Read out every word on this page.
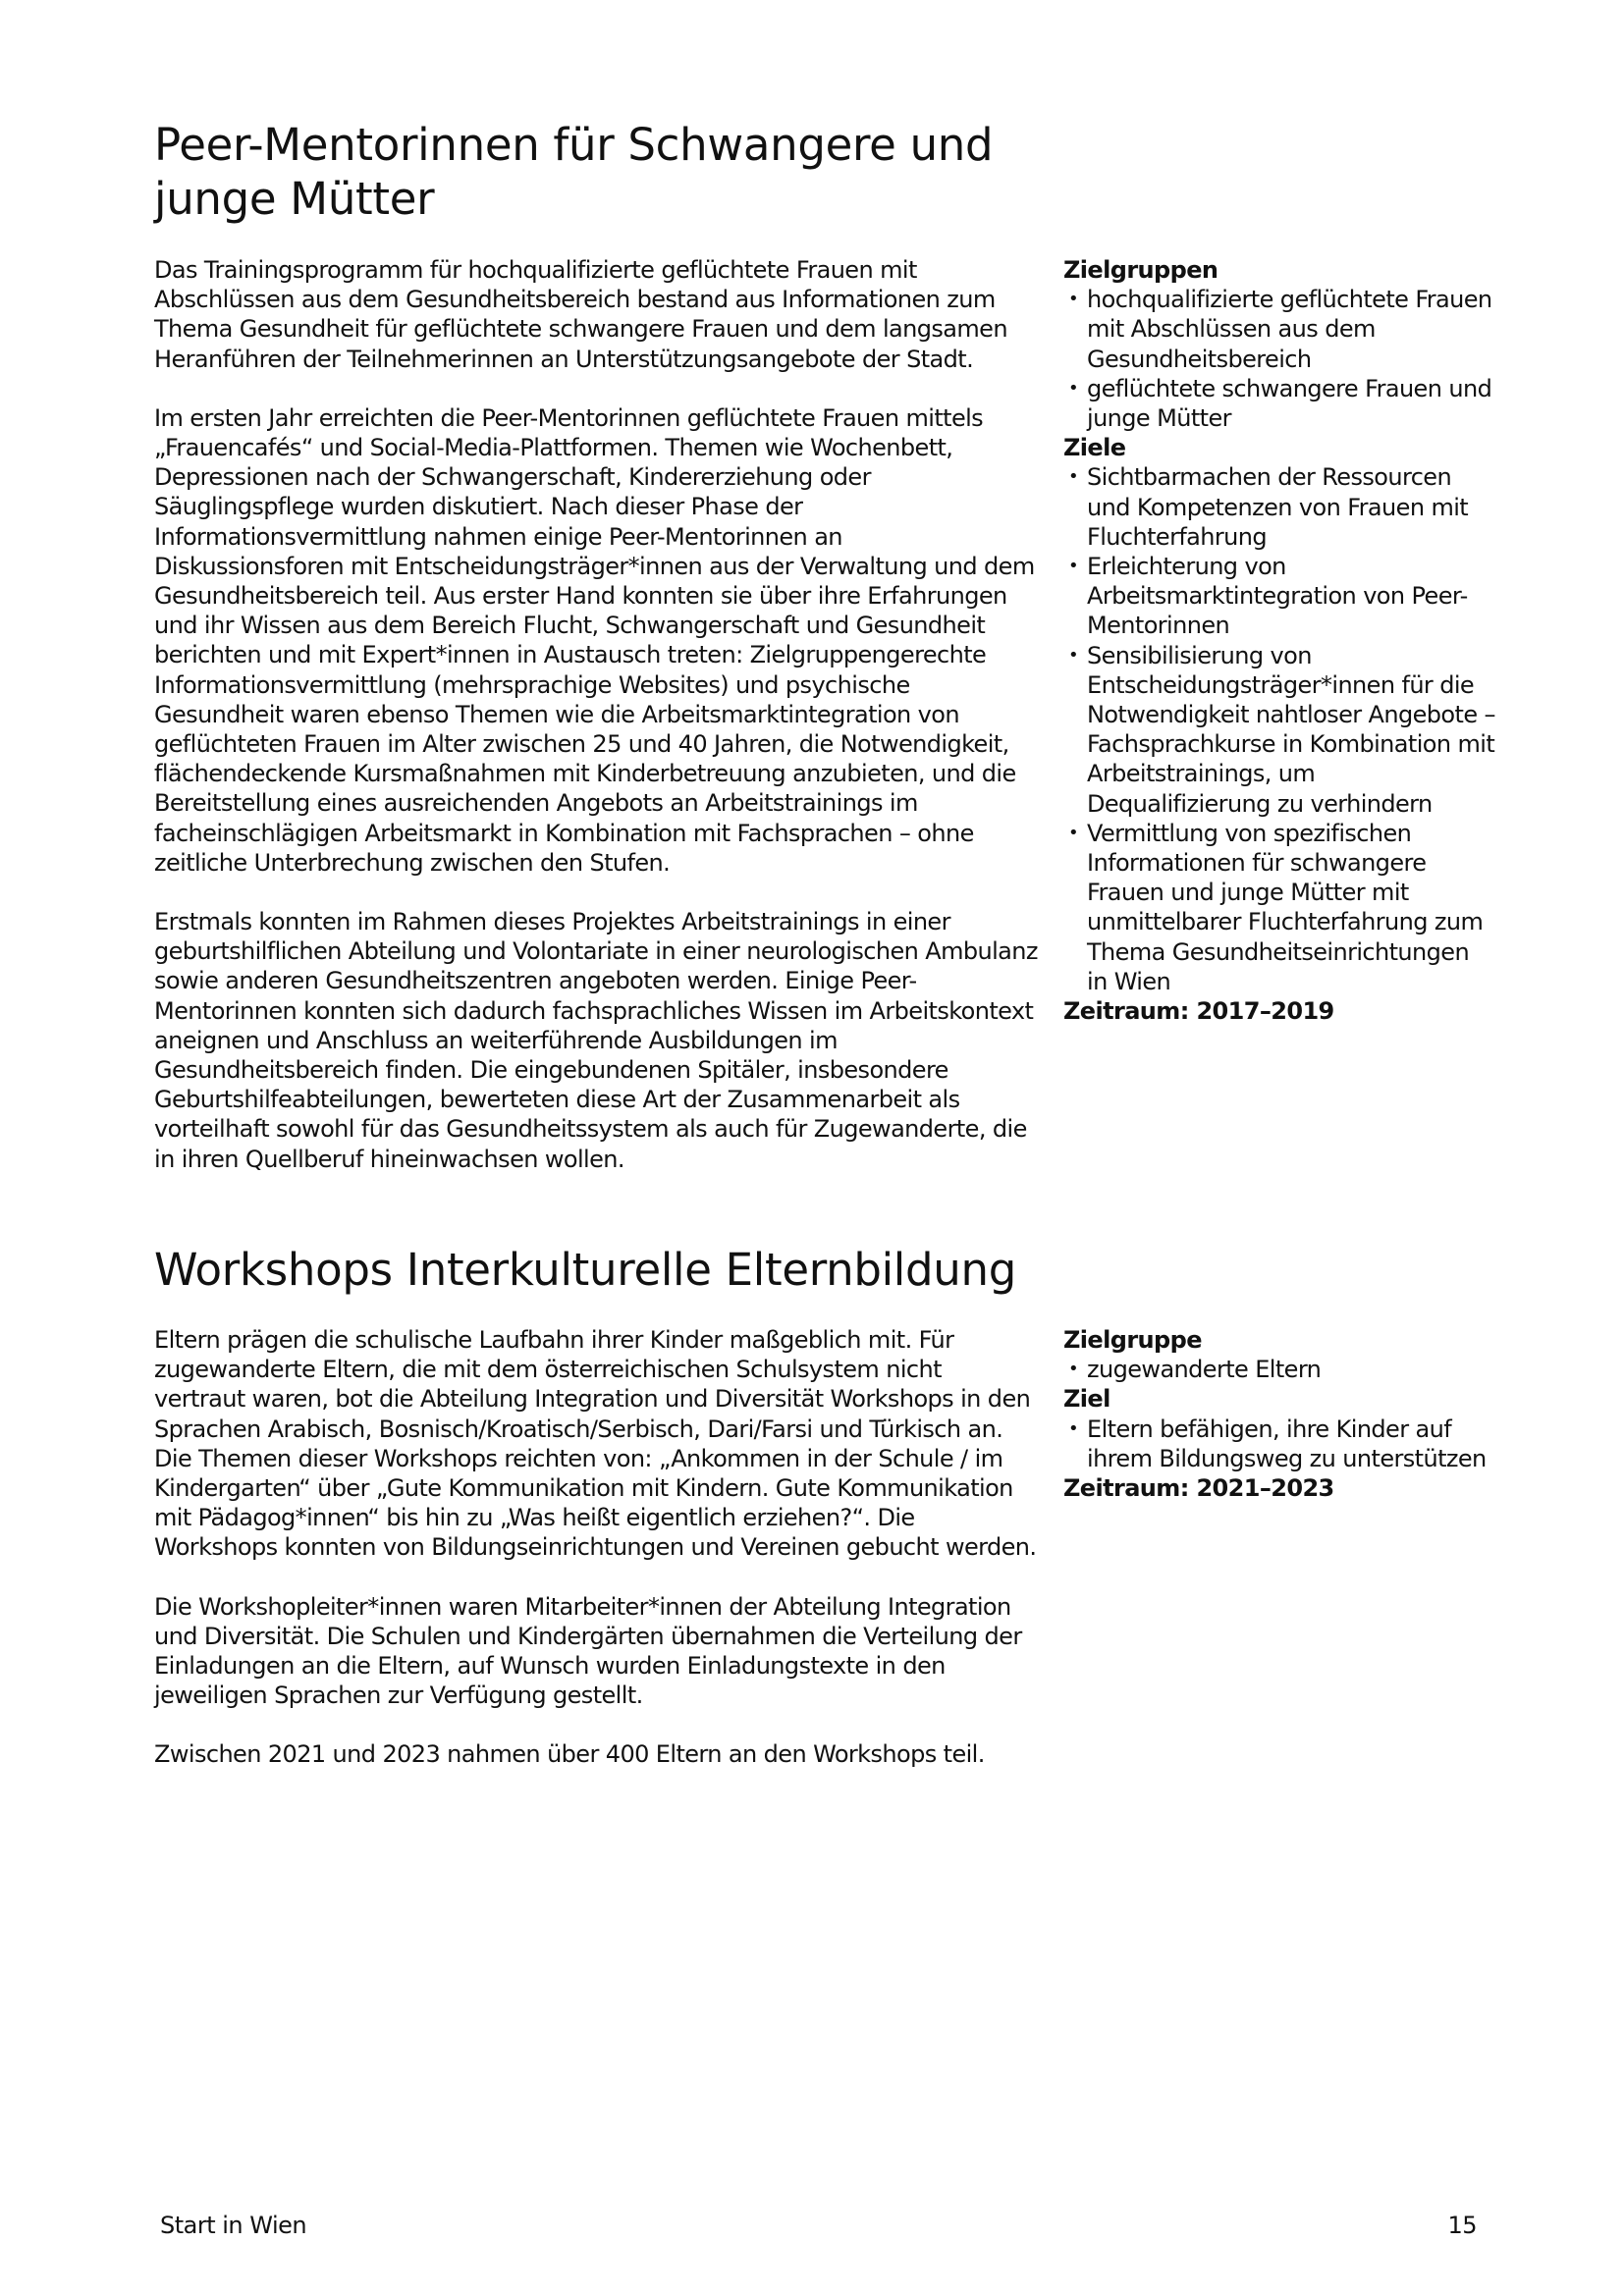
Peer-Mentorinnen für Schwangere und
junge Mütter

Das Trainingsprogramm für hochqualifizierte geflüchtete Frauen mit Abschlüssen aus dem Gesundheitsbereich bestand aus Informationen zum Thema Gesundheit für geflüchtete schwangere Frauen und dem langsamen Heranführen der Teilnehmerinnen an Unterstützungsangebote der Stadt.

Im ersten Jahr erreichten die Peer-Mentorinnen geflüchtete Frauen mittels „Frauencafés“ und Social-Media-Plattformen. Themen wie Wochenbett, Depressionen nach der Schwangerschaft, Kindererziehung oder Säuglingspflege wurden diskutiert. Nach dieser Phase der Informationsvermittlung nahmen einige Peer-Mentorinnen an Diskussionsforen mit Entscheidungsträger*innen aus der Verwaltung und dem Gesundheitsbereich teil. Aus erster Hand konnten sie über ihre Erfahrungen und ihr Wissen aus dem Bereich Flucht, Schwangerschaft und Gesundheit berichten und mit Expert*innen in Austausch treten: Zielgruppengerechte Informationsvermittlung (mehrsprachige Websites) und psychische Gesundheit waren ebenso Themen wie die Arbeitsmarktintegration von geflüchteten Frauen im Alter zwischen 25 und 40 Jahren, die Notwendigkeit, flächendeckende Kursmaßnahmen mit Kinderbetreuung anzubieten, und die Bereitstellung eines ausreichenden Angebots an Arbeitstrainings im facheinschlägigen Arbeitsmarkt in Kombination mit Fachsprachen – ohne zeitliche Unterbrechung zwischen den Stufen.

Erstmals konnten im Rahmen dieses Projektes Arbeitstrainings in einer geburtshilflichen Abteilung und Volontariate in einer neurologischen Ambulanz sowie anderen Gesundheitszentren angeboten werden. Einige Peer-Mentorinnen konnten sich dadurch fachsprachliches Wissen im Arbeitskontext aneignen und Anschluss an weiterführende Ausbildungen im Gesundheitsbereich finden. Die eingebundenen Spitäler, insbesondere Geburtshilfeabteilungen, bewerteten diese Art der Zusammenarbeit als vorteilhaft sowohl für das Gesundheitssystem als auch für Zugewanderte, die in ihren Quellberuf hineinwachsen wollen.

Zielgruppen

• hochqualifizierte geflüchtete Frauen mit Abschlüssen aus dem Gesundheitsbereich
• geflüchtete schwangere Frauen und junge Mütter

Ziele

• Sichtbarmachen der Ressourcen und Kompetenzen von Frauen mit Fluchterfahrung
• Erleichterung von Arbeitsmarktintegration von Peer-Mentorinnen
• Sensibilisierung von Entscheidungsträger*innen für die Notwendigkeit nahtloser Angebote – Fachsprachkurse in Kombination mit Arbeitstrainings, um Dequalifizierung zu verhindern
• Vermittlung von spezifischen Informationen für schwangere Frauen und junge Mütter mit unmittelbarer Fluchterfahrung zum Thema Gesundheitseinrichtungen in Wien

Zeitraum: 2017–2019

Workshops Interkulturelle Elternbildung

Eltern prägen die schulische Laufbahn ihrer Kinder maßgeblich mit. Für zugewanderte Eltern, die mit dem österreichischen Schulsystem nicht vertraut waren, bot die Abteilung Integration und Diversität Workshops in den Sprachen Arabisch, Bosnisch/Kroatisch/Serbisch, Dari/Farsi und Türkisch an. Die Themen dieser Workshops reichten von: „Ankommen in der Schule / im Kindergarten“ über „Gute Kommunikation mit Kindern. Gute Kommunikation mit Pädagog*innen“ bis hin zu „Was heißt eigentlich erziehen?“. Die Workshops konnten von Bildungseinrichtungen und Vereinen gebucht werden.

Die Workshopleiter*innen waren Mitarbeiter*innen der Abteilung Integration und Diversität. Die Schulen und Kindergärten übernahmen die Verteilung der Einladungen an die Eltern, auf Wunsch wurden Einladungstexte in den jeweiligen Sprachen zur Verfügung gestellt.

Zwischen 2021 und 2023 nahmen über 400 Eltern an den Workshops teil.

Zielgruppe

• zugewanderte Eltern

Ziel

• Eltern befähigen, ihre Kinder auf ihrem Bildungsweg zu unterstützen

Zeitraum: 2021–2023

Start in Wien	15
